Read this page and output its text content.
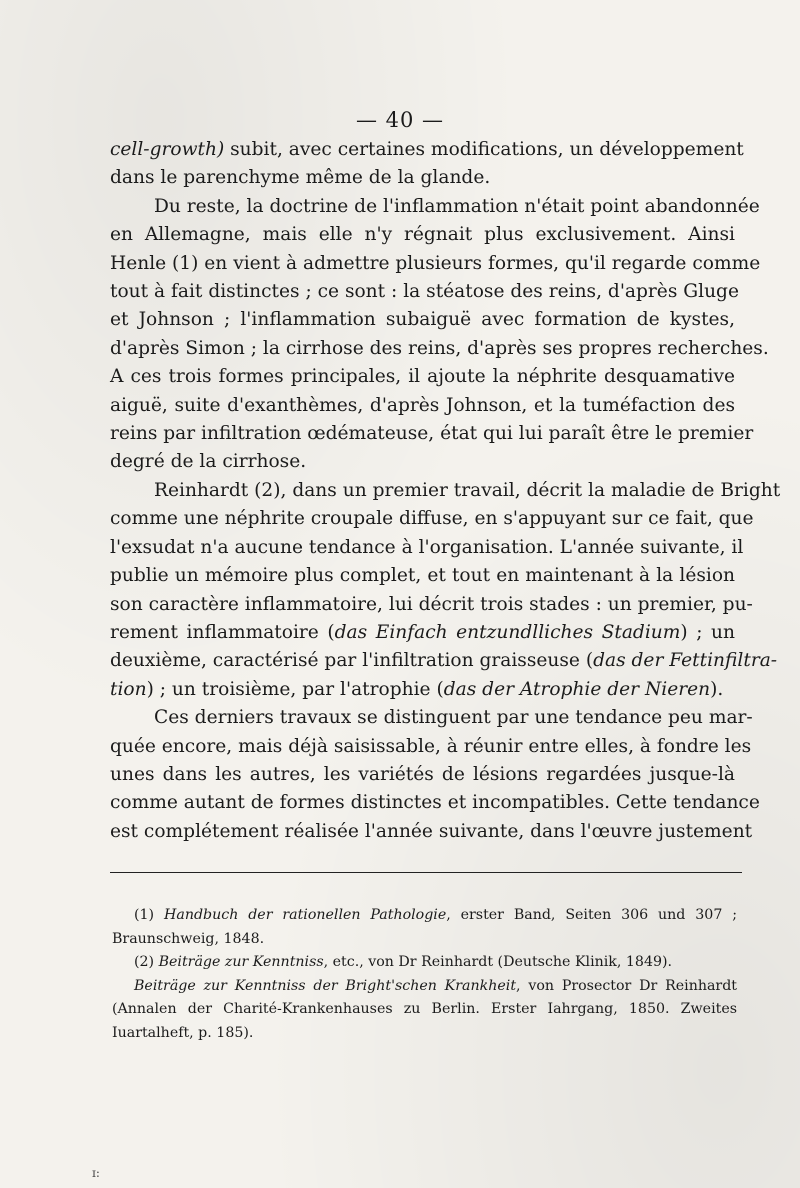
— 40 —
cell-growth) subit, avec certaines modifications, un développement
dans le parenchyme même de la glande.
Du reste, la doctrine de l'inflammation n'était point abandonnée
en Allemagne, mais elle n'y régnait plus exclusivement. Ainsi
Henle (1) en vient à admettre plusieurs formes, qu'il regarde comme
tout à fait distinctes ; ce sont : la stéatose des reins, d'après Gluge
et Johnson ; l'inflammation subaiguë avec formation de kystes,
d'après Simon ; la cirrhose des reins, d'après ses propres recherches.
A ces trois formes principales, il ajoute la néphrite desquamative
aiguë, suite d'exanthèmes, d'après Johnson, et la tuméfaction des
reins par infiltration œdémateuse, état qui lui paraît être le premier
degré de la cirrhose.
Reinhardt (2), dans un premier travail, décrit la maladie de Bright
comme une néphrite croupale diffuse, en s'appuyant sur ce fait, que
l'exsudat n'a aucune tendance à l'organisation. L'année suivante, il
publie un mémoire plus complet, et tout en maintenant à la lésion
son caractère inflammatoire, lui décrit trois stades : un premier, pu-
rement inflammatoire (das Einfach entzundlliches Stadium) ; un
deuxième, caractérisé par l'infiltration graisseuse (das der Fettinfiltra-
tion) ; un troisième, par l'atrophie (das der Atrophie der Nieren).
Ces derniers travaux se distinguent par une tendance peu mar-
quée encore, mais déjà saisissable, à réunir entre elles, à fondre les
unes dans les autres, les variétés de lésions regardées jusque-là
comme autant de formes distinctes et incompatibles. Cette tendance
est complétement réalisée l'année suivante, dans l'œuvre justement
(1) Handbuch der rationellen Pathologie, erster Band, Seiten 306 und 307 ;
Braunschweig, 1848.
(2) Beiträge zur Kenntniss, etc., von Dr Reinhardt (Deutsche Klinik, 1849).
Beiträge zur Kenntniss der Bright'schen Krankheit, von Prosector Dr Reinhardt
(Annalen der Charité-Krankenhauses zu Berlin. Erster Iahrgang, 1850. Zweites
Iuartalheft, p. 185).
ɪ:
